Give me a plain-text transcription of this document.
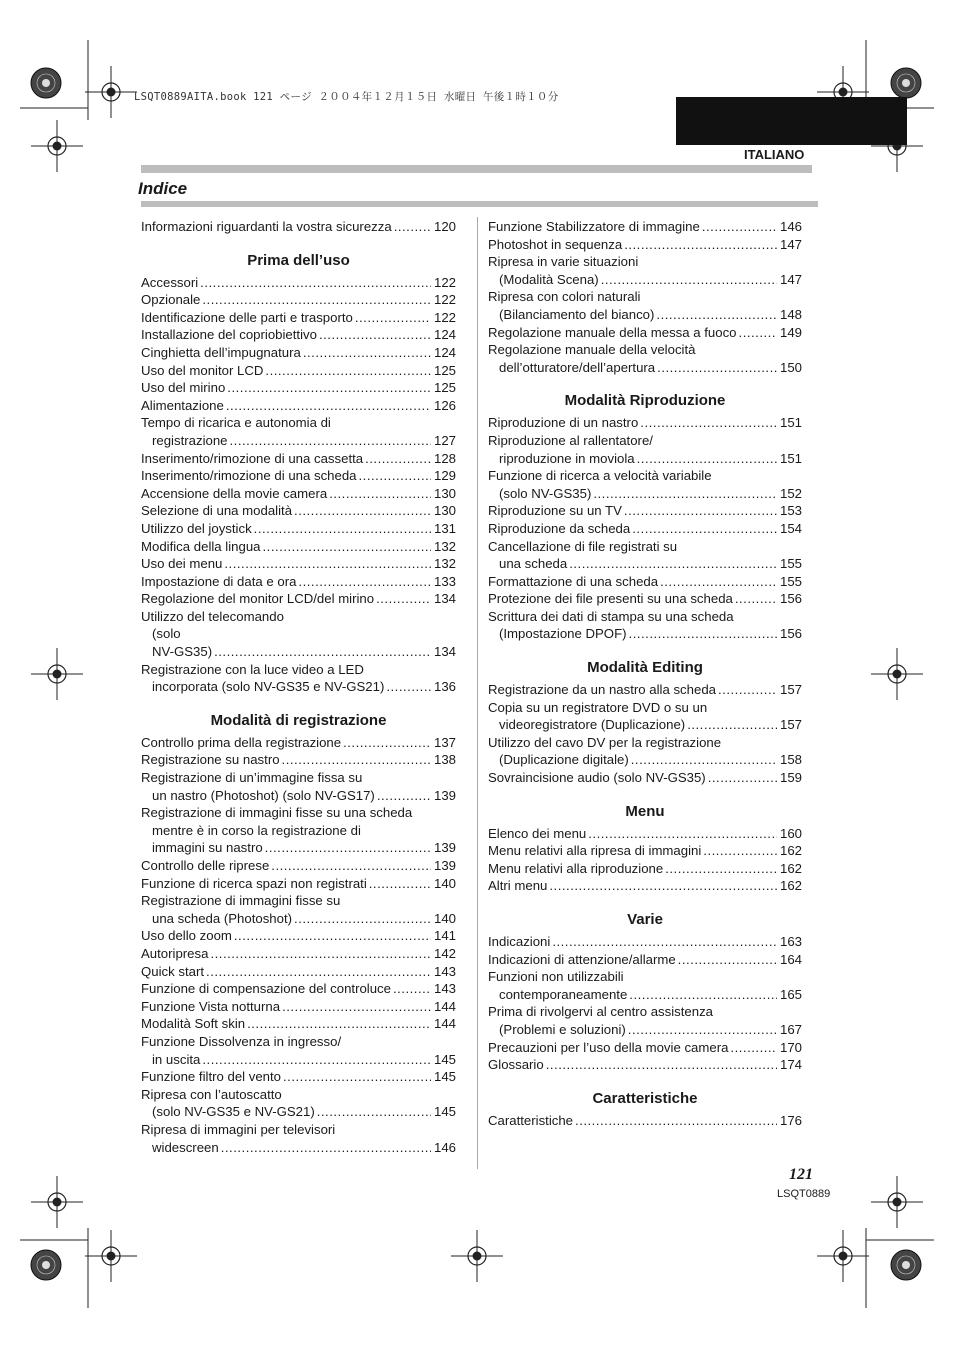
LSQT0889AITA.book 121 ページ ２００４年１２月１５日 水曜日 午後１時１０分
ITALIANO
Indice
Informazioni riguardanti la vostra sicurezza .....	120
Prima dell’uso
Accessori .....	122
Opzionale .....	122
Identificazione delle parti e trasporto .....	122
Installazione del copriobiettivo .....	124
Cinghietta dell’impugnatura .....	124
Uso del monitor LCD .....	125
Uso del mirino .....	125
Alimentazione .....	126
Tempo di ricarica e autonomia di
registrazione .....	127
Inserimento/rimozione di una cassetta .....	128
Inserimento/rimozione di una scheda .....	129
Accensione della movie camera .....	130
Selezione di una modalità .....	130
Utilizzo del joystick .....	131
Modifica della lingua .....	132
Uso dei menu .....	132
Impostazione di data e ora .....	133
Regolazione del monitor LCD/del mirino .....	134
Utilizzo del telecomando
(solo
NV-GS35) .....	134
Registrazione con la luce video a LED
incorporata (solo NV-GS35 e NV-GS21) .....	136
Modalità di registrazione
Controllo prima della registrazione .....	137
Registrazione su nastro .....	138
Registrazione di un’immagine fissa su
un nastro (Photoshot) (solo NV-GS17) .....	139
Registrazione di immagini fisse su una scheda
mentre è in corso la registrazione di
immagini su nastro .....	139
Controllo delle riprese .....	139
Funzione di ricerca spazi non registrati .....	140
Registrazione di immagini fisse su
una scheda (Photoshot) .....	140
Uso dello zoom .....	141
Autoripresa .....	142
Quick start .....	143
Funzione di compensazione del controluce .....	143
Funzione Vista notturna .....	144
Modalità Soft skin .....	144
Funzione Dissolvenza in ingresso/
in uscita .....	145
Funzione filtro del vento .....	145
Ripresa con l’autoscatto
(solo NV-GS35 e NV-GS21) .....	145
Ripresa di immagini per televisori
widescreen .....	146
Funzione Stabilizzatore di immagine .....	146
Photoshot in sequenza .....	147
Ripresa in varie situazioni
(Modalità Scena) .....	147
Ripresa con colori naturali
(Bilanciamento del bianco) .....	148
Regolazione manuale della messa a fuoco .....	149
Regolazione manuale della velocità
dell’otturatore/dell’apertura .....	150
Modalità Riproduzione
Riproduzione di un nastro .....	151
Riproduzione al rallentatore/
riproduzione in moviola .....	151
Funzione di ricerca a velocità variabile
(solo NV-GS35) .....	152
Riproduzione su un TV .....	153
Riproduzione da scheda .....	154
Cancellazione di file registrati su
una scheda .....	155
Formattazione di una scheda .....	155
Protezione dei file presenti su una scheda .....	156
Scrittura dei dati di stampa su una scheda
(Impostazione DPOF) .....	156
Modalità Editing
Registrazione da un nastro alla scheda .....	157
Copia su un registratore DVD o su un
videoregistratore (Duplicazione) .....	157
Utilizzo del cavo DV per la registrazione
(Duplicazione digitale) .....	158
Sovraincisione audio (solo NV-GS35) .....	159
Menu
Elenco dei menu .....	160
Menu relativi alla ripresa di immagini .....	162
Menu relativi alla riproduzione .....	162
Altri menu .....	162
Varie
Indicazioni .....	163
Indicazioni di attenzione/allarme .....	164
Funzioni non utilizzabili
contemporaneamente .....	165
Prima di rivolgervi al centro assistenza
(Problemi e soluzioni) .....	167
Precauzioni per l’uso della movie camera .....	170
Glossario .....	174
Caratteristiche
Caratteristiche .....	176
121
LSQT0889
